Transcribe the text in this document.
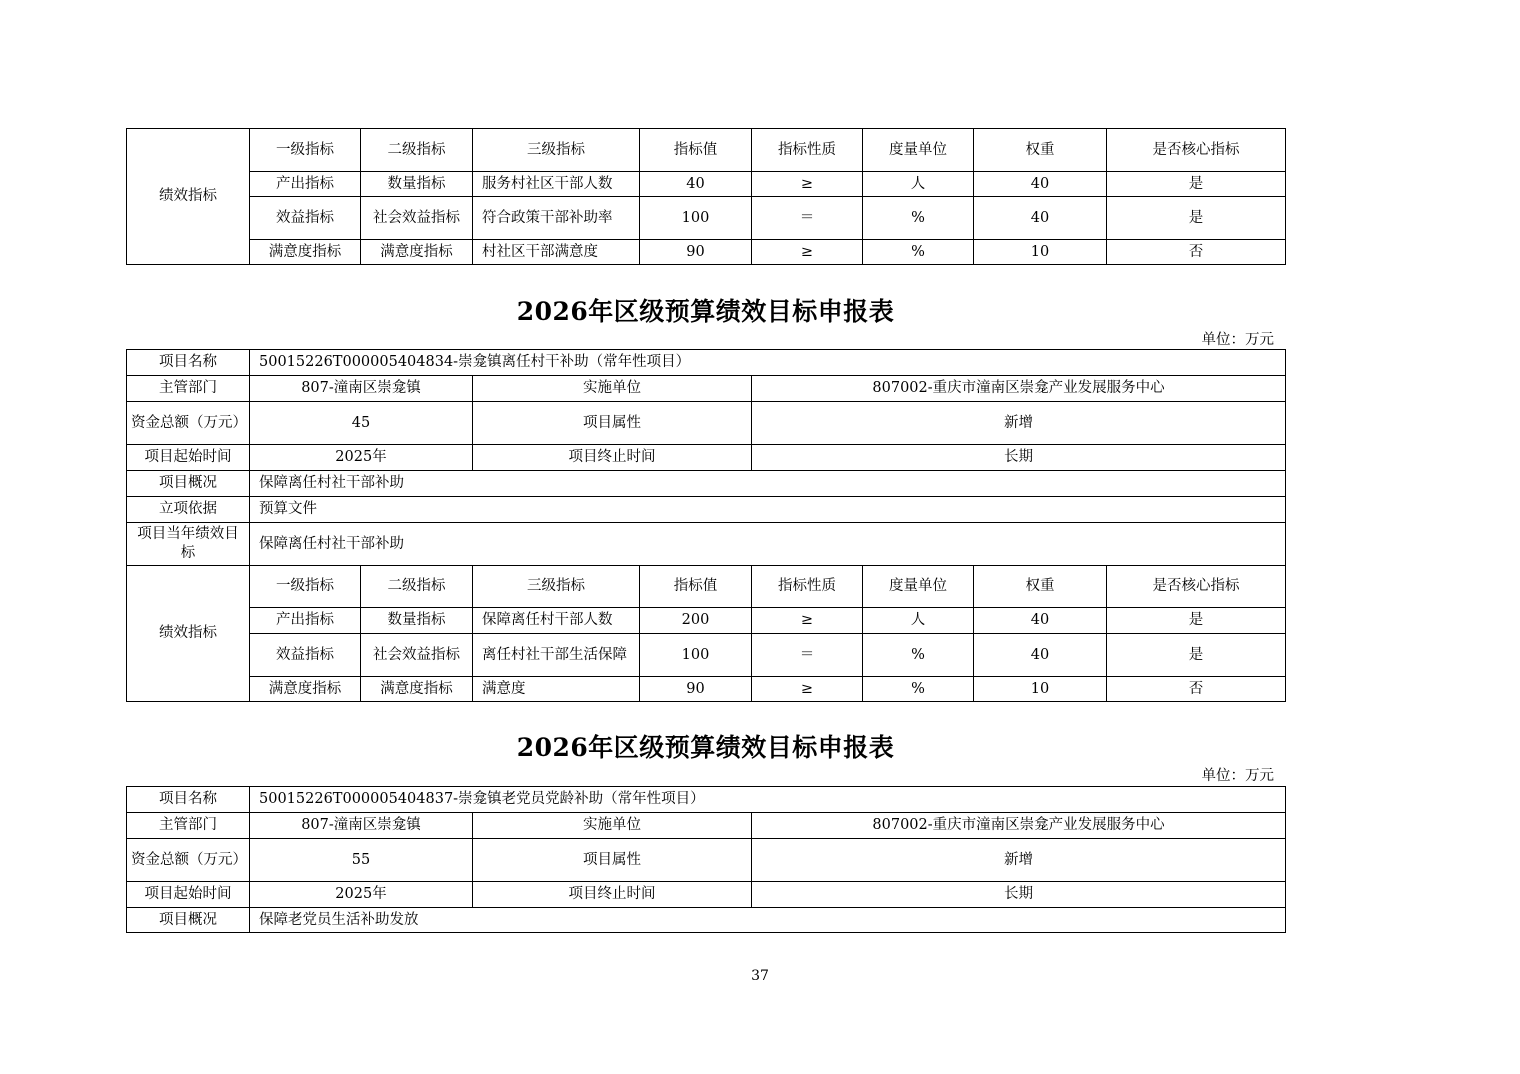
绩效指标	一级指标	二级指标	三级指标	指标值	指标性质	度量单位	权重	是否核心指标
	产出指标	数量指标	服务村社区干部人数	40	≥	人	40	是
	效益指标	社会效益指标	符合政策干部补助率	100	＝	%	40	是
	满意度指标	满意度指标	村社区干部满意度	90	≥	%	10	否
2026年区级预算绩效目标申报表
单位：万元
项目名称	50015226T000005404834-崇龛镇离任村干补助（常年性项目）							
主管部门	807-潼南区崇龛镇		实施单位		807002-重庆市潼南区崇龛产业发展服务中心			
资金总额（万元）	45		项目属性		新增			
项目起始时间	2025年		项目终止时间		长期			
项目概况	保障离任村社干部补助							
立项依据	预算文件							
项目当年绩效目标	保障离任村社干部补助							
绩效指标	一级指标	二级指标	三级指标	指标值	指标性质	度量单位	权重	是否核心指标
	产出指标	数量指标	保障离任村干部人数	200	≥	人	40	是
	效益指标	社会效益指标	离任村社干部生活保障	100	＝	%	40	是
	满意度指标	满意度指标	满意度	90	≥	%	10	否
2026年区级预算绩效目标申报表
单位：万元
项目名称	50015226T000005404837-崇龛镇老党员党龄补助（常年性项目）		
主管部门	807-潼南区崇龛镇	实施单位	807002-重庆市潼南区崇龛产业发展服务中心
资金总额（万元）	55	项目属性	新增
项目起始时间	2025年	项目终止时间	长期
项目概况	保障老党员生活补助发放		
37
